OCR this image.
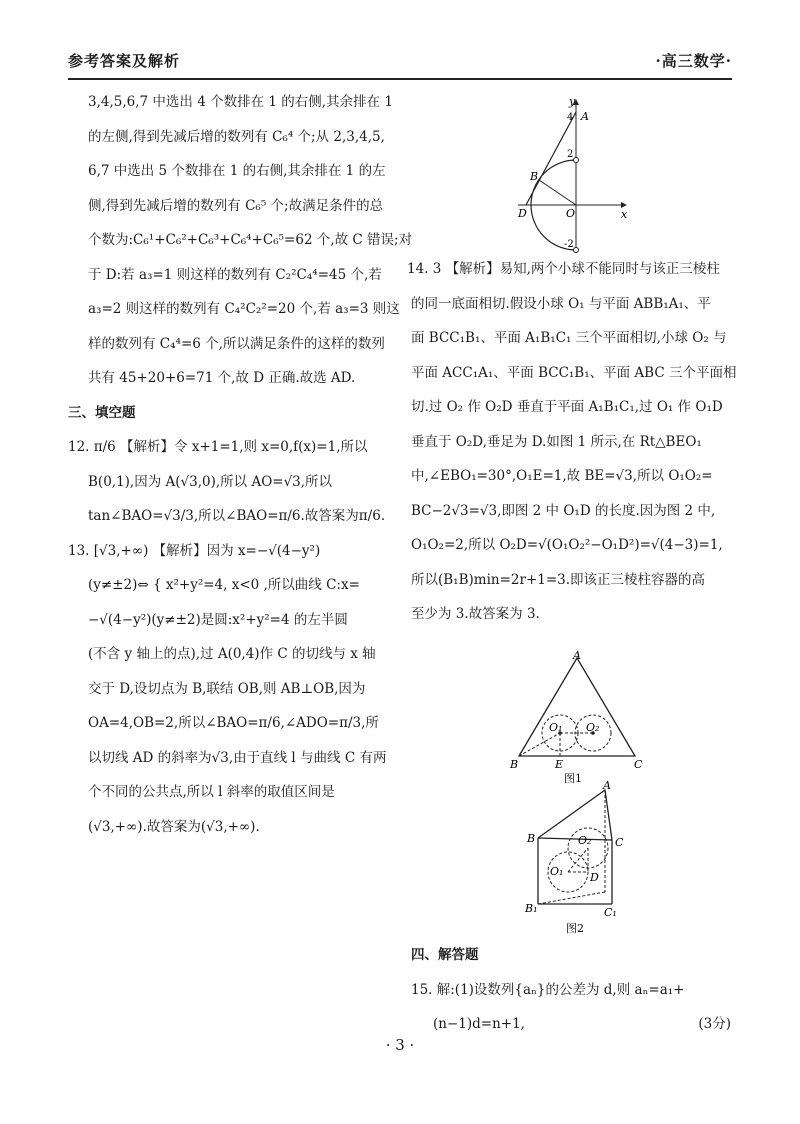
参考答案及解析	·高三数学·
3,4,5,6,7 中选出 4 个数排在 1 的右侧,其余排在 1
的左侧,得到先减后增的数列有 C₆⁴ 个;从 2,3,4,5,
6,7 中选出 5 个数排在 1 的右侧,其余排在 1 的左
侧,得到先减后增的数列有 C₆⁵ 个;故满足条件的总
个数为:C₆¹+C₆²+C₆³+C₆⁴+C₆⁵=62 个,故 C 错误;对
于 D:若 a₃=1 则这样的数列有 C₂²C₄⁴=45 个,若
a₃=2 则这样的数列有 C₄²C₂²=20 个,若 a₃=3 则这
样的数列有 C₄⁴=6 个,所以满足条件的这样的数列
共有 45+20+6=71 个,故 D 正确.故选 AD.
三、填空题
12. π/6 【解析】令 x+1=1,则 x=0,f(x)=1,所以
B(0,1),因为 A(√3,0),所以 AO=√3,所以
tan∠BAO=√3/3,所以∠BAO=π/6.故答案为π/6.
13. [√3,+∞) 【解析】因为 x=−√(4−y²)
(y≠±2)⇔ { x²+y²=4, x<0 ,所以曲线 C:x=
−√(4−y²)(y≠±2)是圆:x²+y²=4 的左半圆
(不含 y 轴上的点),过 A(0,4)作 C 的切线与 x 轴
交于 D,设切点为 B,联结 OB,则 AB⊥OB,因为
OA=4,OB=2,所以∠BAO=π/6,∠ADO=π/3,所
以切线 AD 的斜率为√3,由于直线 l 与曲线 C 有两
个不同的公共点,所以 l 斜率的取值区间是
(√3,+∞).故答案为(√3,+∞).
y
x
A
4
2
-2
B
D	O
14. 3 【解析】易知,两个小球不能同时与该正三棱柱
的同一底面相切.假设小球 O₁ 与平面 ABB₁A₁、平
面 BCC₁B₁、平面 A₁B₁C₁ 三个平面相切,小球 O₂ 与
平面 ACC₁A₁、平面 BCC₁B₁、平面 ABC 三个平面相
切.过 O₂ 作 O₂D 垂直于平面 A₁B₁C₁,过 O₁ 作 O₁D
垂直于 O₂D,垂足为 D.如图 1 所示,在 Rt△BEO₁
中,∠EBO₁=30°,O₁E=1,故 BE=√3,所以 O₁O₂=
BC−2√3=√3,即图 2 中 O₁D 的长度.因为图 2 中,
O₁O₂=2,所以 O₂D=√(O₁O₂²−O₁D²)=√(4−3)=1,
所以(B₁B)min=2r+1=3.即该正三棱柱容器的高
至少为 3.故答案为 3.
A
B	C
E
O₁ O₂
图1
A
B	C
B₁	C₁
O₁
O₂
D
图2
四、解答题
15. 解:(1)设数列{aₙ}的公差为 d,则 aₙ=a₁+
(n−1)d=n+1,	(3分)
· 3 ·
